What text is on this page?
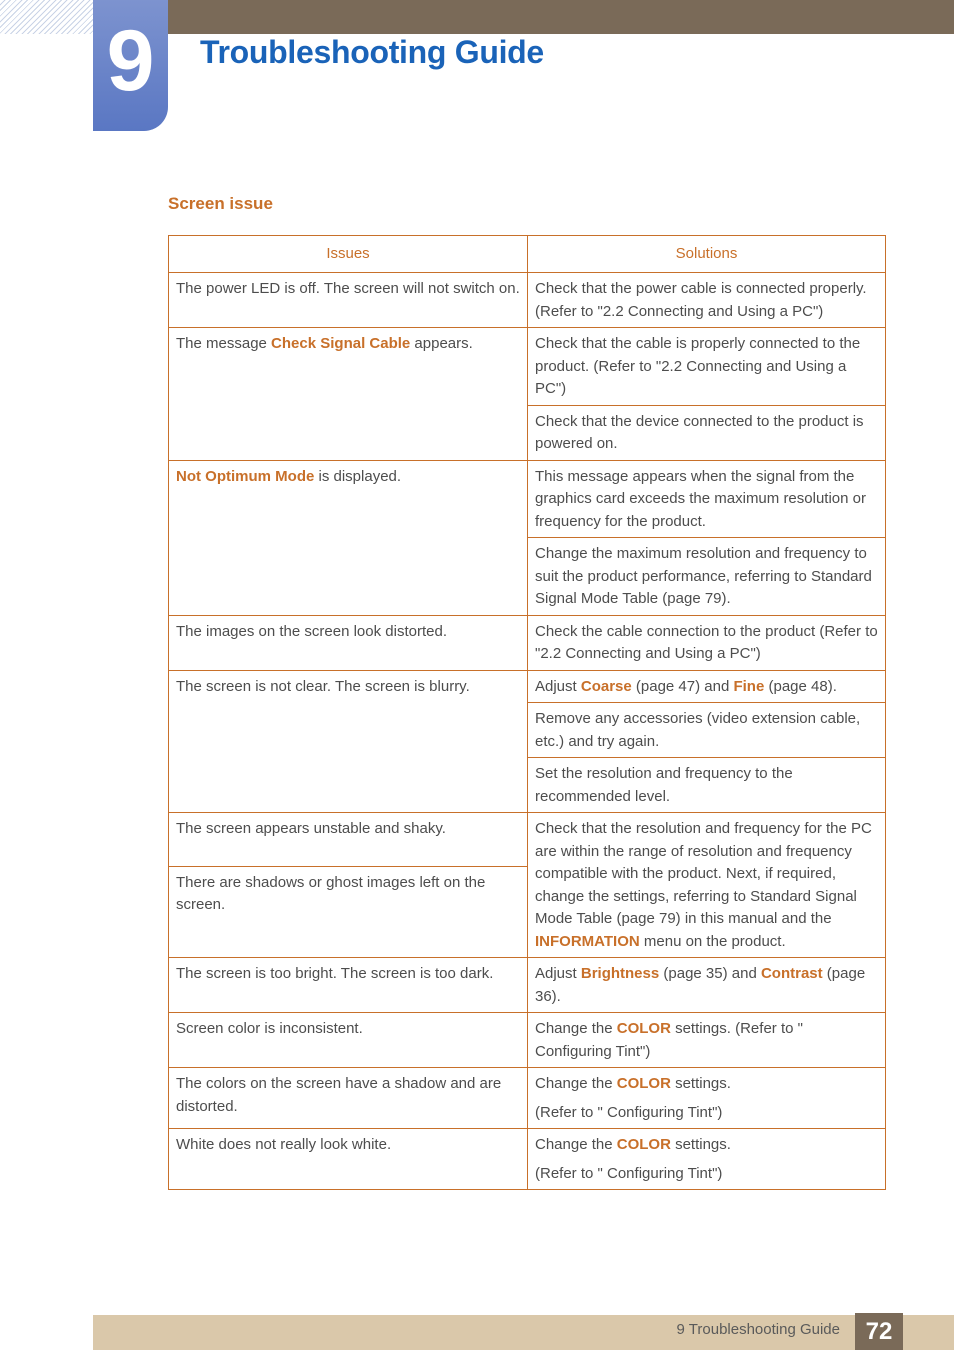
9	Troubleshooting Guide
Screen issue
Issues	Solutions
The power LED is off. The screen will not switch on.	Check that the power cable is connected properly. (Refer to "2.2 Connecting and Using a PC")
The message Check Signal Cable appears.	Check that the cable is properly connected to the product. (Refer to "2.2 Connecting and Using a PC")
	Check that the device connected to the product is powered on.
Not Optimum Mode is displayed.	This message appears when the signal from the graphics card exceeds the maximum resolution or frequency for the product.
	Change the maximum resolution and frequency to suit the product performance, referring to Standard Signal Mode Table (page 79).
The images on the screen look distorted.	Check the cable connection to the product (Refer to "2.2 Connecting and Using a PC")
The screen is not clear. The screen is blurry.	Adjust Coarse (page 47) and Fine (page 48).
	Remove any accessories (video extension cable, etc.) and try again.
	Set the resolution and frequency to the recommended level.
The screen appears unstable and shaky.	Check that the resolution and frequency for the PC are within the range of resolution and frequency compatible with the product. Next, if required, change the settings, referring to Standard Signal Mode Table (page 79) in this manual and the INFORMATION menu on the product.
There are shadows or ghost images left on the screen.	
The screen is too bright. The screen is too dark.	Adjust Brightness (page 35) and Contrast (page 36).
Screen color is inconsistent.	Change the COLOR settings. (Refer to " Configuring Tint")
The colors on the screen have a shadow and are distorted.	Change the COLOR settings.
(Refer to " Configuring Tint")

White does not really look white.	Change the COLOR settings.
(Refer to " Configuring Tint")
9 Troubleshooting Guide	72
